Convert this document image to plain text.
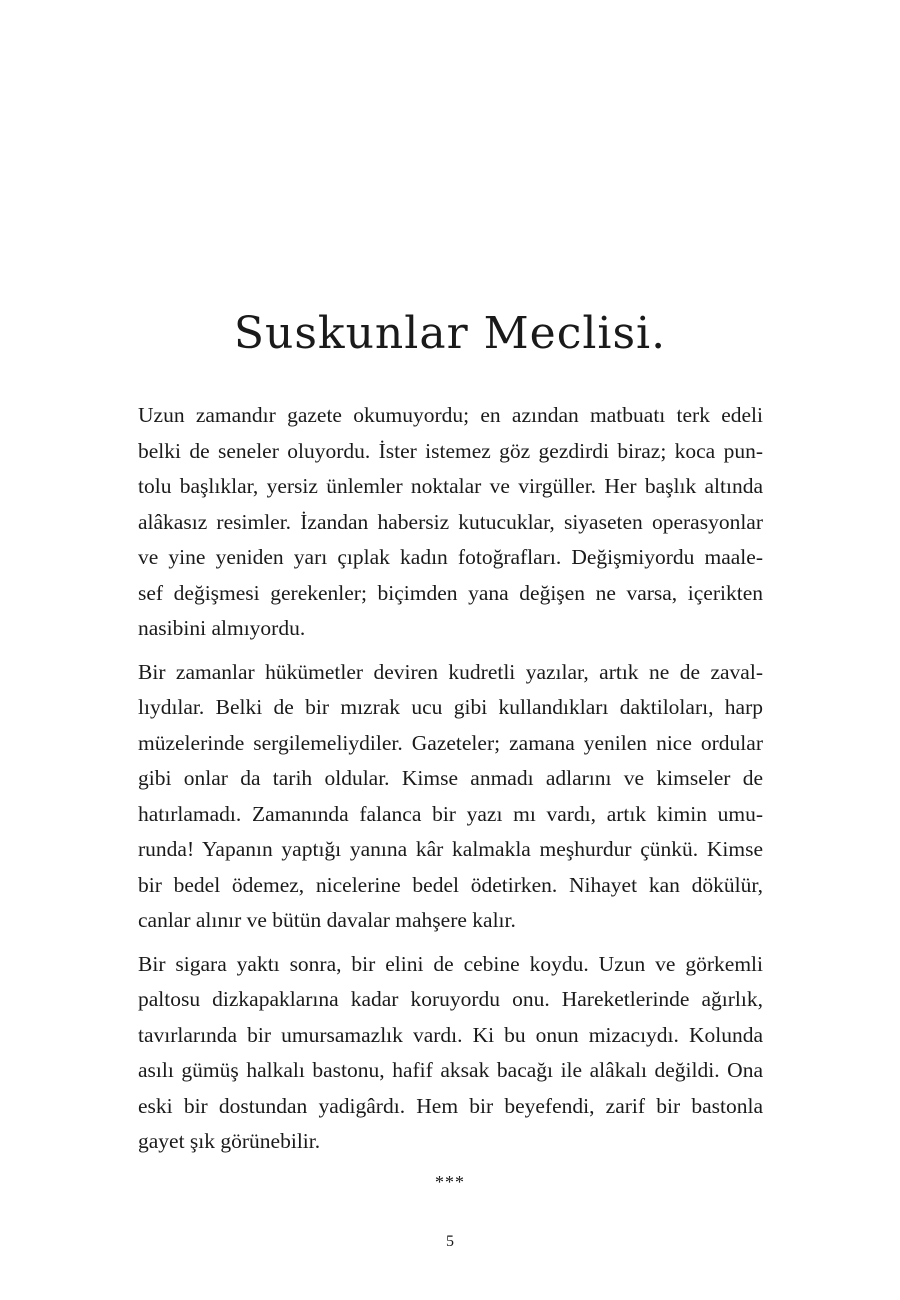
Suskunlar Meclisi.
Uzun zamandır gazete okumuyordu; en azından matbuatı terk edeli
belki de seneler oluyordu. İster istemez göz gezdirdi biraz; koca pun-
tolu başlıklar, yersiz ünlemler noktalar ve virgüller. Her başlık altında
alâkasız resimler. İzandan habersiz kutucuklar, siyaseten operasyonlar
ve yine yeniden yarı çıplak kadın fotoğrafları. Değişmiyordu maale-
sef değişmesi gerekenler; biçimden yana değişen ne varsa, içerikten
nasibini almıyordu.
Bir zamanlar hükümetler deviren kudretli yazılar, artık ne de zaval-
lıydılar. Belki de bir mızrak ucu gibi kullandıkları daktiloları, harp
müzelerinde sergilemeliydiler. Gazeteler; zamana yenilen nice ordular
gibi onlar da tarih oldular. Kimse anmadı adlarını ve kimseler de
hatırlamadı. Zamanında falanca bir yazı mı vardı, artık kimin umu-
runda! Yapanın yaptığı yanına kâr kalmakla meşhurdur çünkü. Kimse
bir bedel ödemez, nicelerine bedel ödetirken. Nihayet kan dökülür,
canlar alınır ve bütün davalar mahşere kalır.
Bir sigara yaktı sonra, bir elini de cebine koydu. Uzun ve görkemli
paltosu dizkapaklarına kadar koruyordu onu. Hareketlerinde ağırlık,
tavırlarında bir umursamazlık vardı. Ki bu onun mizacıydı. Kolunda
asılı gümüş halkalı bastonu, hafif aksak bacağı ile alâkalı değildi. Ona
eski bir dostundan yadigârdı. Hem bir beyefendi, zarif bir bastonla
gayet şık görünebilir.
***
5
